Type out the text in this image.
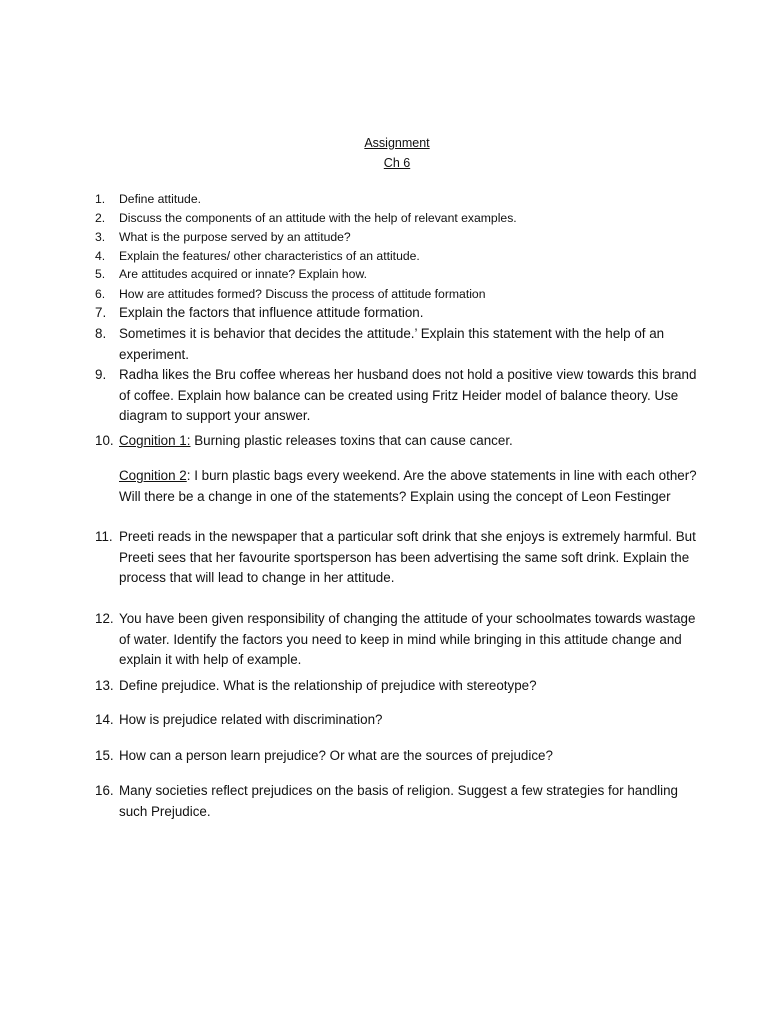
Assignment
Ch 6
1.	Define attitude.
2.	Discuss the components of an attitude with the help of relevant examples.
3.	What is the purpose served by an attitude?
4.	Explain the features/ other characteristics of an attitude.
5.	Are attitudes acquired or innate? Explain how.
6.	How are attitudes formed? Discuss the process of attitude formation
7. Explain the factors that influence attitude formation.
8. Sometimes it is behavior that decides the attitude.’ Explain this statement with the help of an experiment.
9. Radha likes the Bru coffee whereas her husband does not hold a positive view towards this brand of coffee. Explain how balance can be created using Fritz Heider model of balance theory. Use diagram to support your answer.
10. Cognition 1: Burning plastic releases toxins that can cause cancer.
Cognition 2: I burn plastic bags every weekend. Are the above statements in line with each other? Will there be a change in one of the statements? Explain using the concept of Leon Festinger
11. Preeti reads in the newspaper that a particular soft drink that she enjoys is extremely harmful. But Preeti sees that her favourite sportsperson has been advertising the same soft drink. Explain the process that will lead to change in her attitude.
12. You have been given responsibility of changing the attitude of your schoolmates towards wastage of water. Identify the factors you need to keep in mind while bringing in this attitude change and explain it with help of example.
13. Define prejudice. What is the relationship of prejudice with stereotype?
14. How is prejudice related with discrimination?
15. How can a person learn prejudice? Or what are the sources of prejudice?
16. Many societies reflect prejudices on the basis of religion. Suggest a few strategies for handling such Prejudice.
